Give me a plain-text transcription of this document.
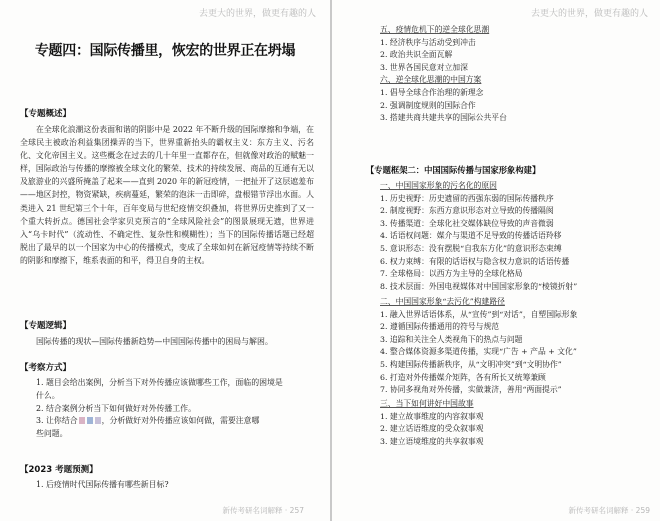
去更大的世界，做更有趣的人
专题四：国际传播里，恢宏的世界正在坍塌
【专题概述】
在全球化浪潮这份表面和谐的阴影中是 2022 年不断升级的国际摩擦和争端，在全球民主被政治利益集团操弄的当下，世界重新抬头的霸权主义：东方主义、污名化、文化帝国主义。这些概念在过去的几十年里一直都存在，但就像对政治的赋魅一样，国际政治与传播的摩擦被全球文化的繁荣、技术的持续发展、商品的互通有无以及旅游业的兴盛所掩盖了起来——直到 2020 年的新冠疫情，一把扯开了这层遮羞布——地区封控，物资紧缺，疾病蔓延，繁荣的泡沫一击即碎，盘根错节浮出水面。人类进入 21 世纪第三个十年，百年变局与世纪疫情交织叠加，将世界历史推到了又一个重大转折点。德国社会学家贝克预言的“全球风险社会”的图景展现无遗，世界进入“乌卡时代”（流动性、不确定性、复杂性和模糊性）；当下的国际传播话题已经超脱出了最早的以一个国家为中心的传播模式，变成了全球如何在新冠疫情等持续不断的阴影和摩擦下，维系表面的和平，得卫自身的主权。
【专题逻辑】
国际传播的现状—国际传播新趋势—中国国际传播中的困局与解困。
【考察方式】
1. 题目会给出案例，分析当下对外传播应该做哪些工作，面临的困境是
什么。
2. 结合案例分析当下如何做好对外传播工作。
3. 让你结合	，分析做好对外传播应该如何做，需要注意哪
些问题。
【2023 考题预测】
1. 后疫情时代国际传播有哪些新目标?
新传考研名词解释 · 257
去更大的世界，做更有趣的人
五、疫情危机下的逆全球化思潮
1. 经济秩序与活动受到冲击
2. 政治共识全面瓦解
3. 世界各国民意对立加深
六、逆全球化思潮的中国方案
1. 倡导全球合作治理的新理念
2. 强调制度规则的国际合作
3. 搭建共商共建共享的国际公共平台
【专题框架二：中国国际传播与国家形象构建】
一、中国国家形象的污名化的原因
1. 历史视野：历史遗留的西强东弱的国际传播秩序
2. 制度视野：东西方意识形态对立导致的传播隔阂
3. 传播渠道：全球化社交媒体缺位导致的声音微弱
4. 话语权问题：媒介与渠道不足导致的传播话语羚移
5. 意识形态：没有摆脱“自我东方化”的意识形态束缚
6. 权力束缚：有限的话语权与隐含权力意识的话语传播
7. 全球格局：以西方为主导的全球化格局
8. 技术层面：外国电视媒体对中国国家形象的“棱镜折射”
二、中国国家形象“去污化”构建路径
1. 融入世界话语体系，从“宣传”到“对话”，自塑国际形象
2. 遵循国际传播通用的符号与规范
3. 追踪和关注全人类视角下的热点与问题
4. 整合媒体资源多渠道传播，实现“广告 + 产品 + 文化”
5. 构建国际传播新秩序，从“文明冲突”到“文明协作”
6. 打造对外传播媒介矩阵，各有所长又统筹兼顾
7. 协同多视角对外传播，实做兼济，善用“两面提示”
三、当下如何讲好中国故事
1. 建立故事维度的内容叙事观
2. 建立话语维度的受众叙事观
3. 建立语境维度的共享叙事观
新传考研名词解释 · 259
